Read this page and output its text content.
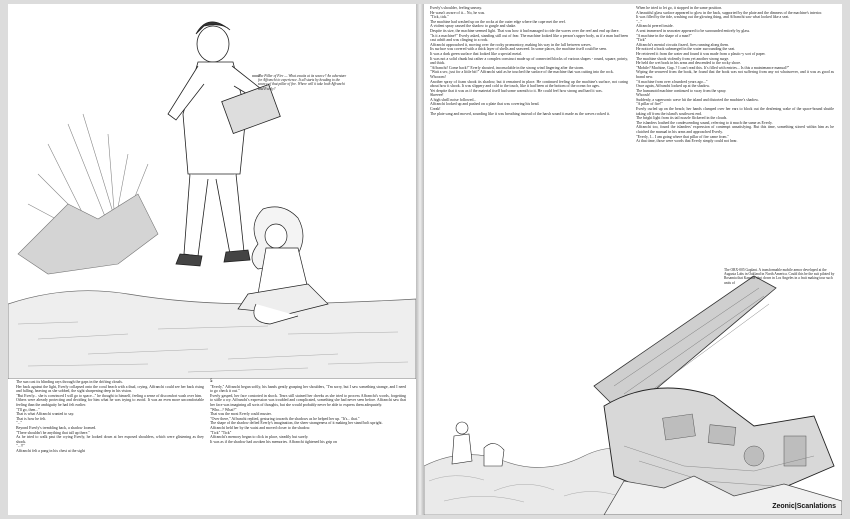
The Pillar of Fire — What awaits at its source? An adventure for Affranchi to experience. It all starts by heading to the source of that pillar of fire. Where will it take both Affranchi and Everly?

The sun cast its blinding rays through the gaps in the drifting clouds.

Her back against the light, Everly collapsed onto the coral beach with a thud, crying. Affranchi could see her back rising and falling, heaving as she sobbed, the sight sharpening deep in his vision.

"But Everly... she is convinced I will go to space..." he thought to himself, feeling a sense of discomfort wash over him.

Others were already protecting and deciding for him what he was trying to avoid. It was an even more uncomfortable feeling than the ambiguity he had felt earlier.

"I'll go, then..."

That is what Affranchi wanted to say.

That is how he felt.

"..."

Beyond Everly's trembling back, a shadow loomed.

"There shouldn't be anything that tall up there."

As he tried to walk past the crying Everly, he looked down at her exposed shoulders, which were glistening as they shook.

"...!!"

Affranchi felt a pang in his chest at the sight

5

"Everly," Affranchi began softly, his hands gently grasping her shoulders, "I'm sorry, but I saw something strange, and I need to go check it out."

Everly gasped, her face contorted in shock. Tears still stained her cheeks as she tried to process Affranchi's words, forgetting to stifle a cry. Affranchi's expression was troubled and complicated, something she had never seen before. Affranchi saw that her face was imagining all sorts of thoughts, but she would probably never be able to express them adequately.

"Who...? What?"

That was the most Everly could muster.

"Over there," Affranchi replied, gesturing towards the shadows as he helped her up. "It's... that."

The shape of the shadow defied Everly's imagination, the sheer strangeness of it making her stand bolt upright.

Affranchi held her by the waist and moved closer to the shadow.

"Tick" "Tick"

Affranchi's memory began to click in place, steadily but surely.

It was as if the shadow had awoken his memories. Affranchi tightened his grip on

Everly's shoulder, feeling uneasy.

He wasn't aware of it... No, he was.

"Tick, tick."

The machine had washed up on the rocks at the outer edge where the cape met the reef.

A violent spray caused the shadow to gurgle and shake.

Despite its size, the machine seemed light. That was how it had managed to ride the waves over the reef and end up there.

"Is it a machine?" Everly asked, standing still out of fear. The machine looked like a person's upper body, as if a man had been cast adrift and was clinging to a rock.

Affranchi approached it, moving over the rocky promontory, making his way in the lull between waves.

Its surface was covered with a thick layer of shells and seaweed. In some places, the machine itself could be seen.

It was a dark green surface that looked like a special metal.

It was not a solid chunk but rather a complex construct made up of connected blocks of various shapes - round, square, pointy, and thick.

"Affranchi! Come back!" Everly shouted, inconsolable in the strong wind lingering after the storm.

"Wait a sec, just for a little bit!" Affranchi said as he touched the surface of the machine that was cutting into the rock.

Whooom!

Another spray of foam shook its shadow, but it remained in place. He continued feeling up the machine's surface, not caring about how it shook. It was slippery and cold to the touch, like it had been at the bottom of the ocean for ages.

Yet despite that it was as if the material itself had some warmth to it. He could feel how strong and hard it was.

Skreeee!

A high shrill noise followed...

Affranchi looked up and pushed on a plate that was covering his head.

Creak!

The plate sang and moved, sounding like it was breathing instead of the harsh sound it made as the waves rocked it.

When he tried to let go, it stopped in the same position.

A beautiful glass surface appeared to glow in the back, supported by the plate and the dimness of the machine's interior.

It was filled by the tide, washing out the glowing thing, and Affranchi saw what looked like a seat.

"..."

Affranchi peered inside.

A seat immersed in seawater appeared to be surrounded entirely by glass.

"A machine in the shape of a man?"

"Tick"

Affranchi's mental circuits fizzed, fires running along them.

He noticed a book submerged in the water surrounding the seat.

He retrieved it from the water and found it was made from a plastic-y sort of paper.

The machine shook violently from yet another strong surge.

He held the wet book in his arms and descended to the rocky shore.

"Mobile? Machine, Gap..? I can't read this. It's filled with entries... Is this a maintenance manual?"

Wiping the seaweed from the book, he found that the book was not suffering from any rot whatsoever, and it was as good as brand new.

"A machine from over a hundred years ago..."

Once again, Affranchi looked up at the shadow.

The humanoid machine continued to sway from the spray.

Whoosh!

Suddenly, a supersonic wave hit the island and distorted the machine's shadow.

"A pillar of fire!"

Everly curled up on the beach; her hands clamped over her ears to block out the deafening wake of the space-bound shuttle taking off from the island's southwest end.

The bright light from its tail nozzle flickered in the clouds.

The islanders loathed the condescending sound, referring to it much the same as Everly.

Affranchi too, found the islanders' expression of contempt unsatisfying. But this time, something stirred within him as he clutched the manual in his arms and approached Everly.

"Everly, I... I am going where that pillar of fire came from."

At that time, those were words that Everly simply could not hear.

The ORX-005 Gaplant. A transformable mobile armor developed at the Augusta Labs in Oakland in North America. Could this be the suit piloted by Rosamia that Kamille shot down in Los Angeles in a fruit making tour such units of
Zeonic|Scanlations
